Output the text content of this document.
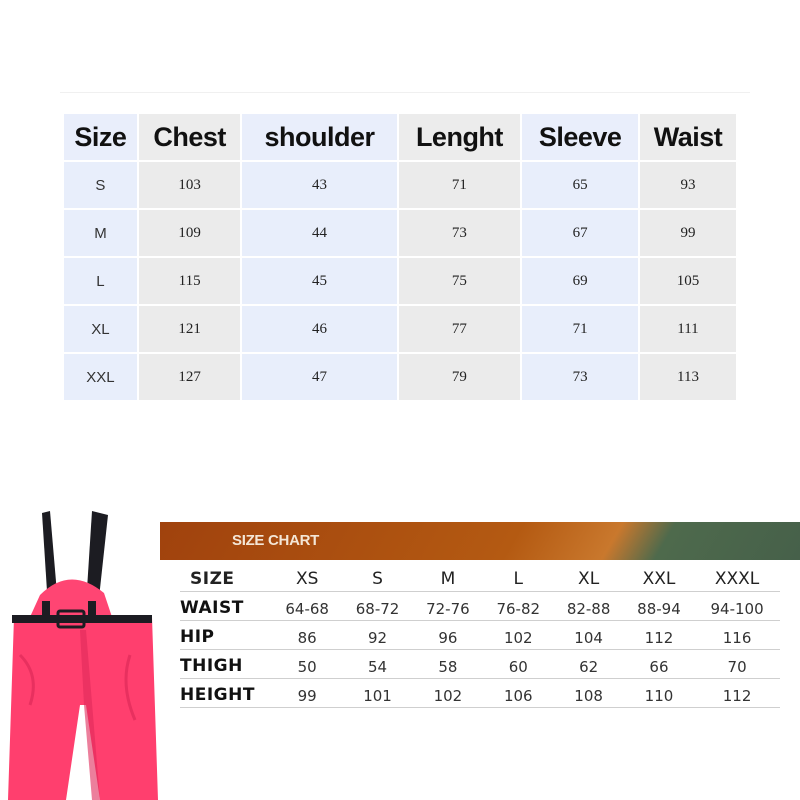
Size	Chest	shoulder	Lenght	Sleeve	Waist
S	103	43	71	65	93
M	109	44	73	67	99
L	115	45	75	69	105
XL	121	46	77	71	111
XXL	127	47	79	73	113
SIZE CHART
SIZE	XS	S	M	L	XL	XXL	XXXL
WAIST	64-68	68-72	72-76	76-82	82-88	88-94	94-100
HIP	86	92	96	102	104	112	116
THIGH	50	54	58	60	62	66	70
HEIGHT	99	101	102	106	108	110	112
